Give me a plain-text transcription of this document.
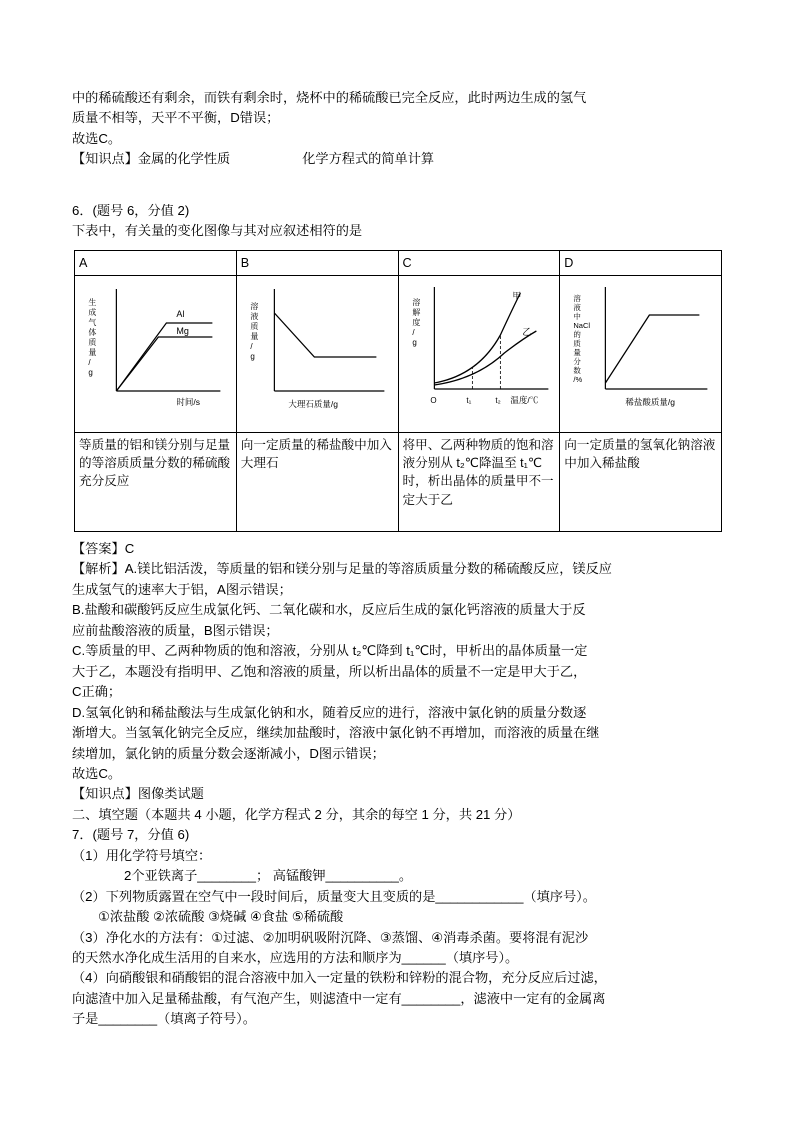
中的稀硫酸还有剩余，而铁有剩余时，烧杯中的稀硫酸已完全反应，此时两边生成的氢气

质量不相等，天平不平衡，D错误；

故选C。

【知识点】金属的化学性质	化学方程式的简单计算

6．(题号 6，分值 2)

下表中，有关量的变化图像与其对应叙述相符的是

A	B	C	D

Al
Mg
生
成
气
体
质
量
/
g
时间/s

溶
液
质
量
/
g
大理石质量/g

甲
乙
溶
解
度
/
g
O	t₁	t₂ 温度/℃

溶
液
中
NaCl
的
质
量
分
数
/%
稀盐酸质量/g

等质量的铝和镁分别与足量的等溶质质量分数的稀硫酸充分反应	向一定质量的稀盐酸中加入大理石	将甲、乙两种物质的饱和溶液分别从 t₂℃降温至 t₁℃时，析出晶体的质量甲不一定大于乙	向一定质量的氢氧化钠溶液中加入稀盐酸

【答案】C

【解析】A.镁比铝活泼，等质量的铝和镁分别与足量的等溶质质量分数的稀硫酸反应，镁反应

生成氢气的速率大于铝，A图示错误；

B.盐酸和碳酸钙反应生成氯化钙、二氧化碳和水，反应后生成的氯化钙溶液的质量大于反

应前盐酸溶液的质量，B图示错误；

C.等质量的甲、乙两种物质的饱和溶液，分别从 t₂℃降到 t₁℃时，甲析出的晶体质量一定

大于乙，本题没有指明甲、乙饱和溶液的质量，所以析出晶体的质量不一定是甲大于乙，

C正确；

D.氢氧化钠和稀盐酸法与生成氯化钠和水，随着反应的进行，溶液中氯化钠的质量分数逐

渐增大。当氢氧化钠完全反应，继续加盐酸时，溶液中氯化钠不再增加，而溶液的质量在继

续增加，氯化钠的质量分数会逐渐减小，D图示错误；

故选C。

【知识点】图像类试题

二、填空题（本题共 4 小题，化学方程式 2 分，其余的每空 1 分，共 21 分）

7．(题号 7，分值 6)

（1）用化学符号填空：

2个亚铁离子________； 高锰酸钾__________。

（2）下列物质露置在空气中一段时间后，质量变大且变质的是____________（填序号）。

①浓盐酸 ②浓硫酸 ③烧碱 ④食盐 ⑤稀硫酸

（3）净化水的方法有：①过滤、②加明矾吸附沉降、③蒸馏、④消毒杀菌。要将混有泥沙

的天然水净化成生活用的自来水，应选用的方法和顺序为______（填序号）。

（4）向硝酸银和硝酸铝的混合溶液中加入一定量的铁粉和锌粉的混合物，充分反应后过滤，

向滤渣中加入足量稀盐酸，有气泡产生，则滤渣中一定有________，滤液中一定有的金属离

子是________（填离子符号）。
